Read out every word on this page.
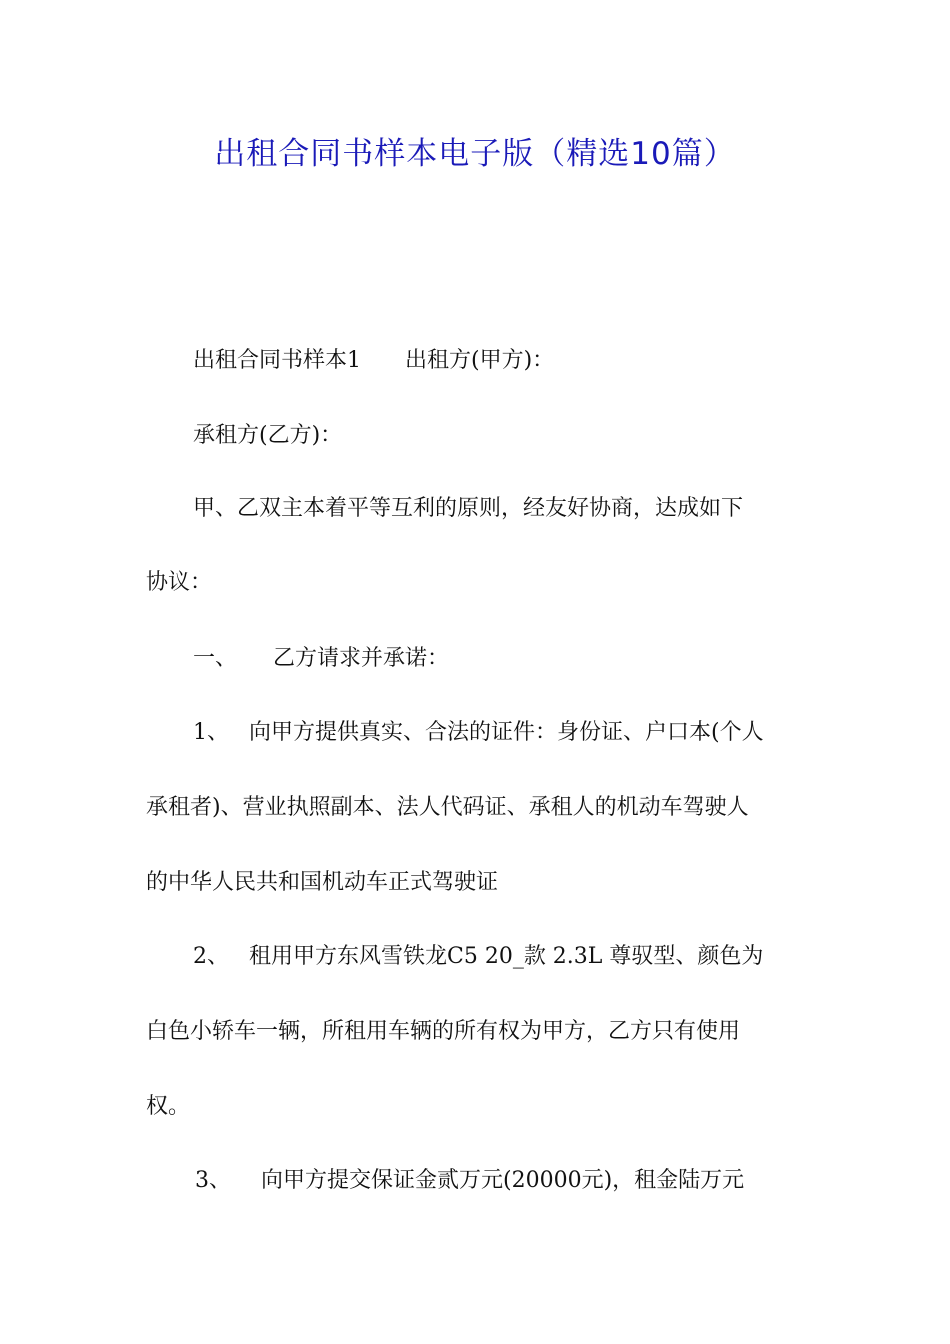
出租合同书样本电子版（精选10篇）
出租合同书样本1 出租方(甲方)：
承租方(乙方)：
甲、乙双主本着平等互利的原则，经友好协商，达成如下
协议：
一、 乙方请求并承诺：
1、 向甲方提供真实、合法的证件：身份证、户口本(个人
承租者)、营业执照副本、法人代码证、承租人的机动车驾驶人
的中华人民共和国机动车正式驾驶证
2、 租用甲方东风雪铁龙C5 20_款 2.3L 尊驭型、颜色为
白色小轿车一辆，所租用车辆的所有权为甲方，乙方只有使用
权。
3、 向甲方提交保证金贰万元(20000元)，租金陆万元
